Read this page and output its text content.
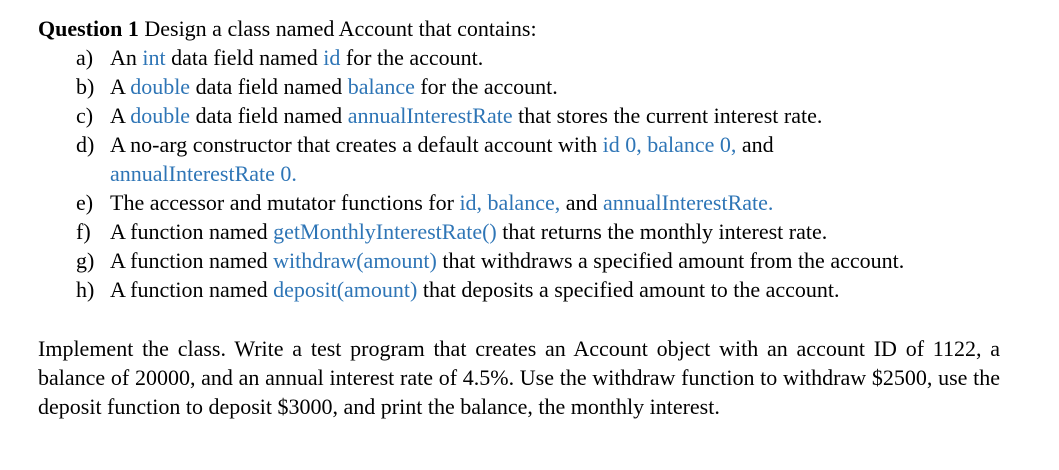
Question 1 Design a class named Account that contains:
a) An int data field named id for the account.
b) A double data field named balance for the account.
c) A double data field named annualInterestRate that stores the current interest rate.
d) A no-arg constructor that creates a default account with id 0, balance 0, and
annualInterestRate 0.
e) The accessor and mutator functions for id, balance, and annualInterestRate.
f) A function named getMonthlyInterestRate() that returns the monthly interest rate.
g) A function named withdraw(amount) that withdraws a specified amount from the account.
h) A function named deposit(amount) that deposits a specified amount to the account.
Implement the class. Write a test program that creates an Account object with an account ID of 1122, a balance of 20000, and an annual interest rate of 4.5%. Use the withdraw function to withdraw $2500, use the deposit function to deposit $3000, and print the balance, the monthly interest.
